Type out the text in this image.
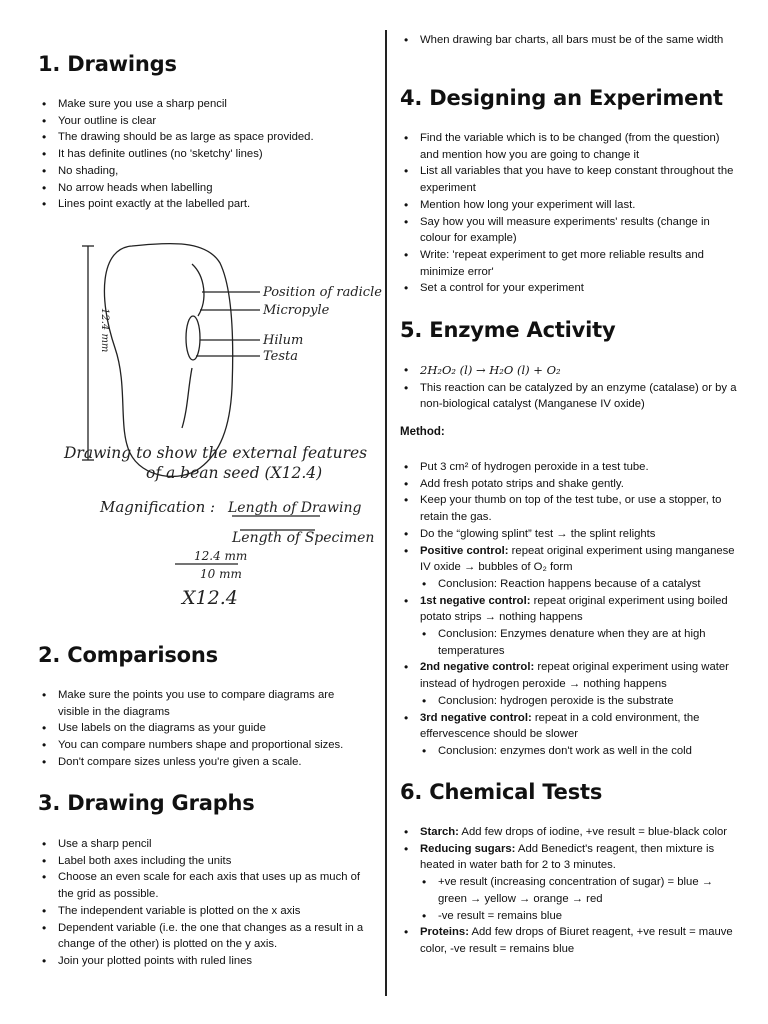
1. Drawings
• Make sure you use a sharp pencil
• Your outline is clear
• The drawing should be as large as space provided.
• It has definite outlines (no 'sketchy' lines)
• No shading,
• No arrow heads when labelling
• Lines point exactly at the labelled part.
Position of radicle
Micropyle
Hilum
Testa
12.4 mm
Drawing to show the external features
of a bean seed (X12.4)
Magnification : Length of Drawing
Length of Specimen
12.4 mm
10 mm
X12.4
2. Comparisons
• Make sure the points you use to compare diagrams are visible in the diagrams
• Use labels on the diagrams as your guide
• You can compare numbers shape and proportional sizes.
• Don't compare sizes unless you're given a scale.
3. Drawing Graphs
• Use a sharp pencil
• Label both axes including the units
• Choose an even scale for each axis that uses up as much of the grid as possible.
• The independent variable is plotted on the x axis
• Dependent variable (i.e. the one that changes as a result in a change of the other) is plotted on the y axis.
• Join your plotted points with ruled lines
• When drawing bar charts, all bars must be of the same width
4. Designing an Experiment
• Find the variable which is to be changed (from the question) and mention how you are going to change it
• List all variables that you have to keep constant throughout the experiment
• Mention how long your experiment will last.
• Say how you will measure experiments' results (change in colour for example)
• Write: 'repeat experiment to get more reliable results and minimize error'
• Set a control for your experiment
5. Enzyme Activity
• 2H₂O₂ (l) → H₂O (l) + O₂
• This reaction can be catalyzed by an enzyme (catalase) or by a non-biological catalyst (Manganese IV oxide)
Method:
• Put 3 cm² of hydrogen peroxide in a test tube.
• Add fresh potato strips and shake gently.
• Keep your thumb on top of the test tube, or use a stopper, to retain the gas.
• Do the “glowing splint” test → the splint relights
• Positive control: repeat original experiment using manganese IV oxide → bubbles of O₂ form
• Conclusion: Reaction happens because of a catalyst
• 1st negative control: repeat original experiment using boiled potato strips → nothing happens
• Conclusion: Enzymes denature when they are at high temperatures
• 2nd negative control: repeat original experiment using water instead of hydrogen peroxide → nothing happens
• Conclusion: hydrogen peroxide is the substrate
• 3rd negative control: repeat in a cold environment, the effervescence should be slower
• Conclusion: enzymes don't work as well in the cold
6. Chemical Tests
• Starch: Add few drops of iodine, +ve result = blue-black color
• Reducing sugars: Add Benedict's reagent, then mixture is heated in water bath for 2 to 3 minutes.
• +ve result (increasing concentration of sugar) = blue → green → yellow → orange → red
• -ve result = remains blue
• Proteins: Add few drops of Biuret reagent, +ve result = mauve color, -ve result = remains blue
